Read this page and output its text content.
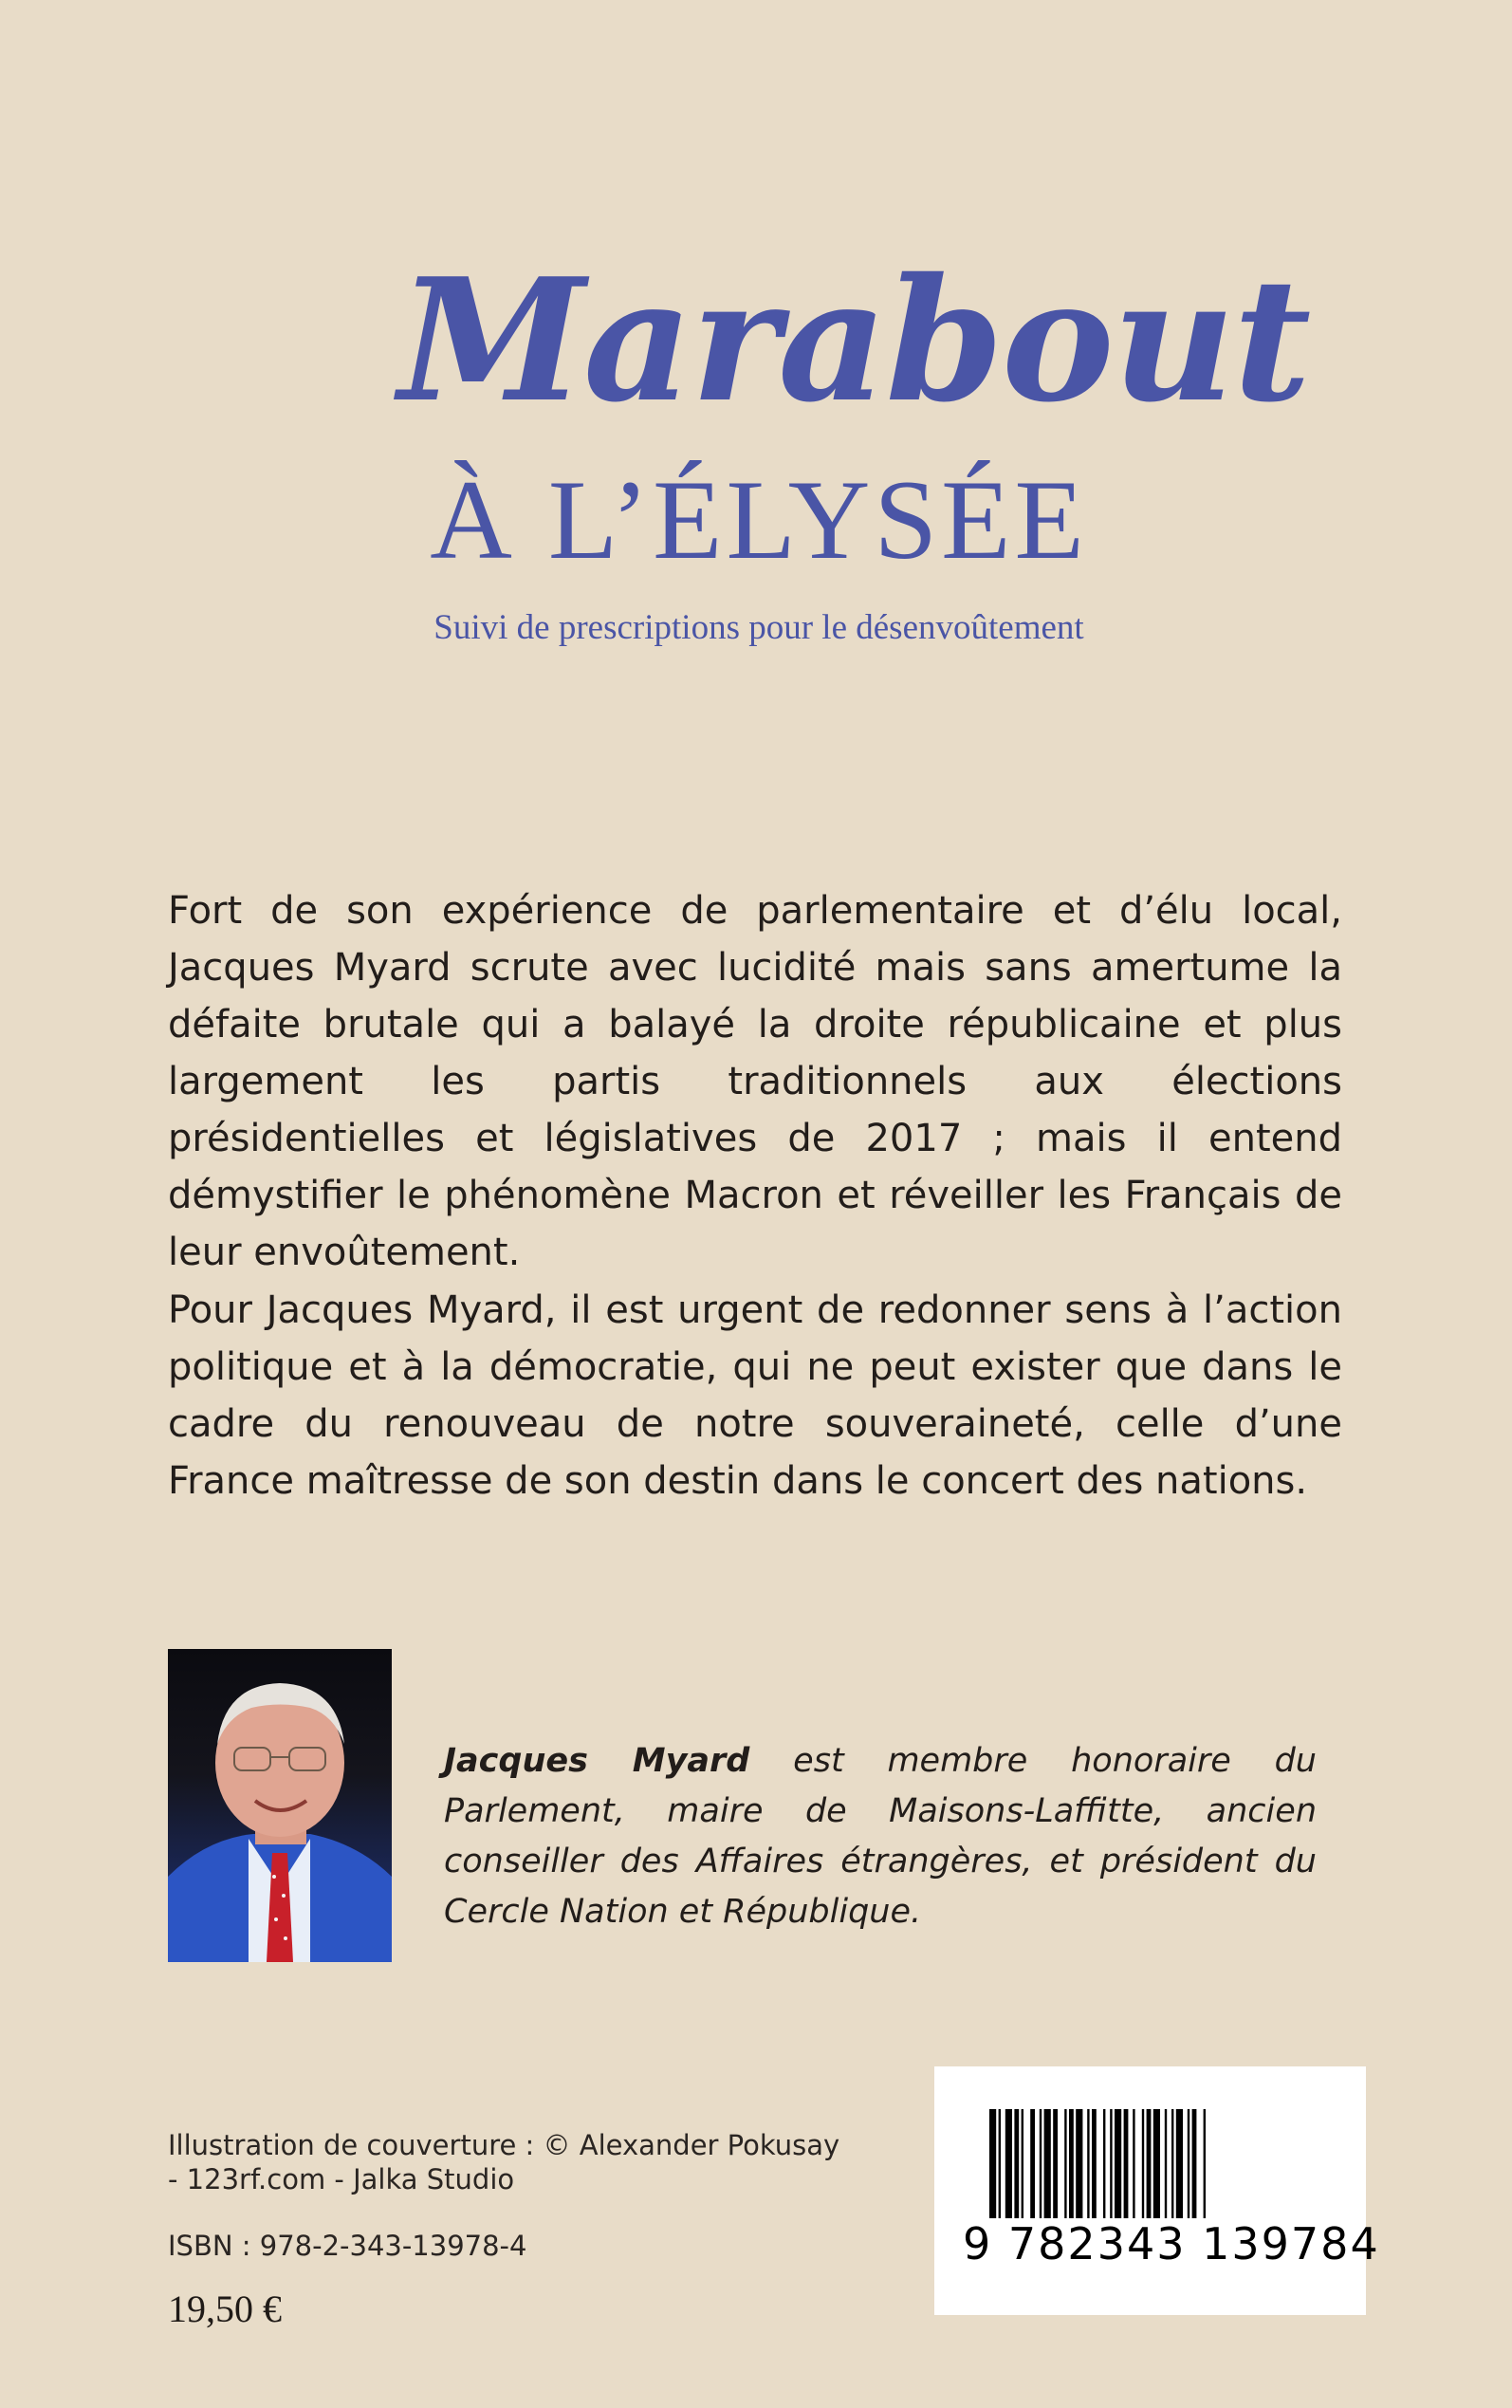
Marabout
À L’ÉLYSÉE
Suivi de prescriptions pour le désenvoûtement

Fort de son expérience de parlementaire et d’élu local, Jacques Myard scrute avec lucidité mais sans amertume la défaite brutale qui a balayé la droite républicaine et plus largement les partis traditionnels aux élections présidentielles et législatives de 2017 ; mais il entend démystifier le phénomène Macron et réveiller les Français de leur envoûtement.

Pour Jacques Myard, il est urgent de redonner sens à l’action politique et à la démocratie, qui ne peut exister que dans le cadre du renouveau de notre souveraineté, celle d’une France maîtresse de son destin dans le concert des nations.

Jacques Myard est membre honoraire du Parlement, maire de Maisons-Laffitte, ancien conseiller des Affaires étrangères, et président du Cercle Nation et République.

Illustration de couverture : © Alexander Pokusay - 123rf.com - Jalka Studio
ISBN : 978-2-343-13978-4
19,50 €
9 782343 139784
